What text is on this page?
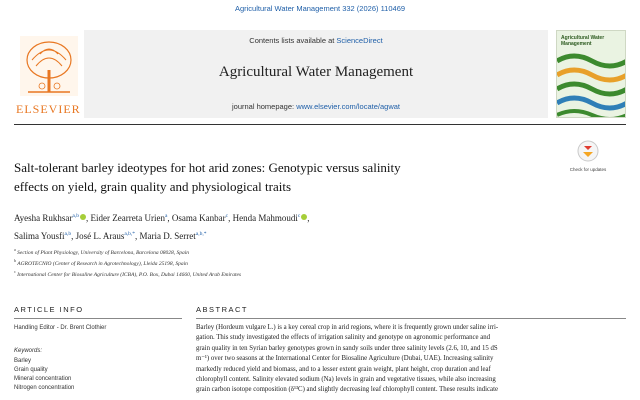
Agricultural Water Management 332 (2026) 110469
ELSEVIER
Contents lists available at ScienceDirect
Agricultural Water Management
journal homepage: www.elsevier.com/locate/agwat
Agricultural Water Management
Salt-tolerant barley ideotypes for hot arid zones: Genotypic versus salinity
effects on yield, grain quality and physiological traits
Check for updates
Ayesha Rukhsar$^{a,b}$ , Eider Zearreta Urien$^a$, Osama Kanbar$^c$, Henda Mahmoudi$^c$ ,
Salima Yousfi$^{a,b}$, José L. Araus$^{a,b,*}$, Maria D. Serret$^{a,b,*}$
$^a$ Section of Plant Physiology, University of Barcelona, Barcelona 08028, Spain
$^b$ AGROTECNIO (Center of Research in Agrotechnology), Lleida 25198, Spain
$^c$ International Center for Biosaline Agriculture (ICBA), P.O. Box, Dubai 14660, United Arab Emirates
ARTICLE INFO	ABSTRACT
Handling Editor - Dr. Brent Clothier
Keywords:
Barley
Grain quality
Mineral concentration
Nitrogen concentration

Barley (Hordeum vulgare L.) is a key cereal crop in arid regions, where it is frequently grown under saline irri-

gation. This study investigated the effects of irrigation salinity and genotype on agronomic performance and

grain quality in ten Syrian barley genotypes grown in sandy soils under three salinity levels (2.6, 10, and 15 dS

m⁻¹) over two seasons at the International Center for Biosaline Agriculture (Dubai, UAE). Increasing salinity

markedly reduced yield and biomass, and to a lesser extent grain weight, plant height, crop duration and leaf

chlorophyll content. Salinity elevated sodium (Na) levels in grain and vegetative tissues, while also increasing

grain carbon isotope composition (δ¹³C) and slightly decreasing leaf chlorophyll content. These results indicate
